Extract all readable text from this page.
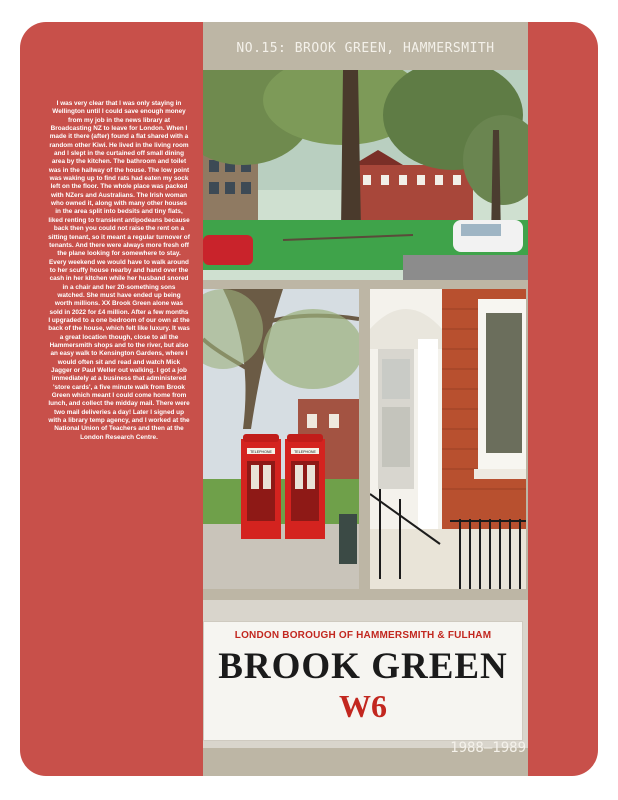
NO.15: BROOK GREEN, HAMMERSMITH

I was very clear that I was only staying in Wellington until I could save enough money from my job in the news library at Broadcasting NZ to leave for London. When I made it there (after) found a flat shared with a random other Kiwi. He lived in the living room and I slept in the curtained off small dining area by the kitchen. The bathroom and toilet was in the hallway of the house. The low point was waking up to find rats had eaten my sock left on the floor. The whole place was packed with NZers and Australians. The Irish woman who owned it, along with many other houses in the area split into bedsits and tiny flats, liked renting to transient antipodeans because back then you could not raise the rent on a sitting tenant, so it meant a regular turnover of tenants. And there were always more fresh off the plane looking for somewhere to stay. Every weekend we would have to walk around to her scuffy house nearby and hand over the cash in her kitchen while her husband snored in a chair and her 20-something sons watched. She must have ended up being worth millions. XX Brook Green alone was sold in 2022 for £4 million. After a few months I upgraded to a one bedroom of our own at the back of the house, which felt like luxury. It was a great location though, close to all the Hammersmith shops and to the river, but also an easy walk to Kensington Gardens, where I would often sit and read and watch Mick Jagger or Paul Weller out walking. I got a job immediately at a business that administered 'store cards', a five minute walk from Brook Green which meant I could come home from lunch, and collect the midday mail. There were two mail deliveries a day! Later I signed up with a library temp agency, and I worked at the National Union of Teachers and then at the London Research Centre.

TELEPHONE	TELEPHONE
LONDON BOROUGH OF HAMMERSMITH & FULHAM
BROOK GREEN
W6
1988–1989
